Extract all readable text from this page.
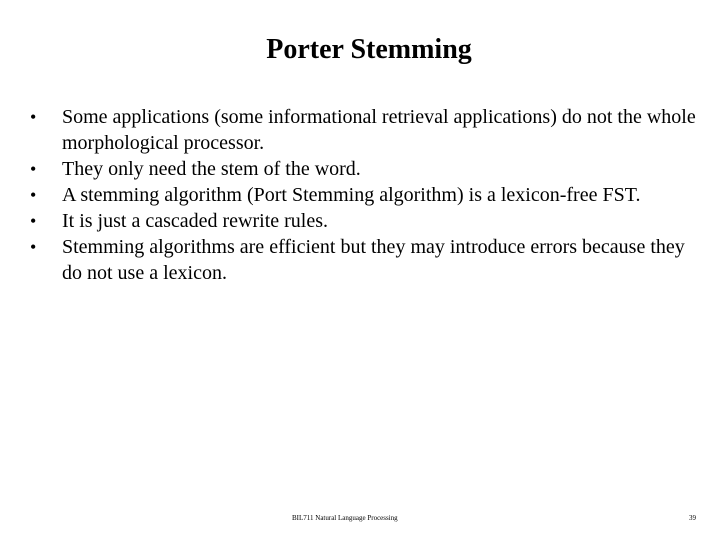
Porter Stemming
• Some applications (some informational retrieval applications) do not the whole morphological processor.
• They only need the stem of the word.
• A stemming algorithm (Port Stemming algorithm) is a lexicon-free FST.
• It is just a cascaded rewrite rules.
• Stemming algorithms are efficient but they may introduce errors because they do not use a lexicon.
BIL711 Natural Language Processing	39
